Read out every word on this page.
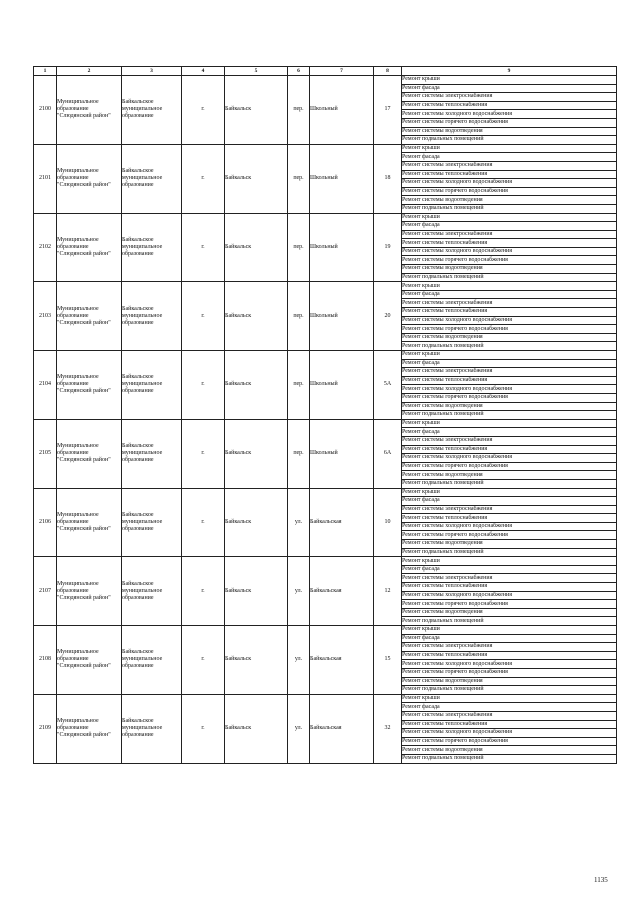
1	2	3	4	5	6	7	8	9
2100	Муниципальное образование "Слюдянский район"	Байкальское муниципальное образование	г.	Байкальск	пер.	Школьный	17	Ремонт крыши
								Ремонт фасада
								Ремонт системы электроснабжения
								Ремонт системы теплоснабжения
								Ремонт системы холодного водоснабжения
								Ремонт системы горячего водоснабжения
								Ремонт системы водоотведения
								Ремонт подвальных помещений
2101	Муниципальное образование "Слюдянский район"	Байкальское муниципальное образование	г.	Байкальск	пер.	Школьный	18	Ремонт крыши
								Ремонт фасада
								Ремонт системы электроснабжения
								Ремонт системы теплоснабжения
								Ремонт системы холодного водоснабжения
								Ремонт системы горячего водоснабжения
								Ремонт системы водоотведения
								Ремонт подвальных помещений
2102	Муниципальное образование "Слюдянский район"	Байкальское муниципальное образование	г.	Байкальск	пер.	Школьный	19	Ремонт крыши
								Ремонт фасада
								Ремонт системы электроснабжения
								Ремонт системы теплоснабжения
								Ремонт системы холодного водоснабжения
								Ремонт системы горячего водоснабжения
								Ремонт системы водоотведения
								Ремонт подвальных помещений
2103	Муниципальное образование "Слюдянский район"	Байкальское муниципальное образование	г.	Байкальск	пер.	Школьный	20	Ремонт крыши
								Ремонт фасада
								Ремонт системы электроснабжения
								Ремонт системы теплоснабжения
								Ремонт системы холодного водоснабжения
								Ремонт системы горячего водоснабжения
								Ремонт системы водоотведения
								Ремонт подвальных помещений
2104	Муниципальное образование "Слюдянский район"	Байкальское муниципальное образование	г.	Байкальск	пер.	Школьный	5А	Ремонт крыши
								Ремонт фасада
								Ремонт системы электроснабжения
								Ремонт системы теплоснабжения
								Ремонт системы холодного водоснабжения
								Ремонт системы горячего водоснабжения
								Ремонт системы водоотведения
								Ремонт подвальных помещений
2105	Муниципальное образование "Слюдянский район"	Байкальское муниципальное образование	г.	Байкальск	пер.	Школьный	6А	Ремонт крыши
								Ремонт фасада
								Ремонт системы электроснабжения
								Ремонт системы теплоснабжения
								Ремонт системы холодного водоснабжения
								Ремонт системы горячего водоснабжения
								Ремонт системы водоотведения
								Ремонт подвальных помещений
2106	Муниципальное образование "Слюдянский район"	Байкальское муниципальное образование	г.	Байкальск	ул.	Байкальская	10	Ремонт крыши
								Ремонт фасада
								Ремонт системы электроснабжения
								Ремонт системы теплоснабжения
								Ремонт системы холодного водоснабжения
								Ремонт системы горячего водоснабжения
								Ремонт системы водоотведения
								Ремонт подвальных помещений
2107	Муниципальное образование "Слюдянский район"	Байкальское муниципальное образование	г.	Байкальск	ул.	Байкальская	12	Ремонт крыши
								Ремонт фасада
								Ремонт системы электроснабжения
								Ремонт системы теплоснабжения
								Ремонт системы холодного водоснабжения
								Ремонт системы горячего водоснабжения
								Ремонт системы водоотведения
								Ремонт подвальных помещений
2108	Муниципальное образование "Слюдянский район"	Байкальское муниципальное образование	г.	Байкальск	ул.	Байкальская	15	Ремонт крыши
								Ремонт фасада
								Ремонт системы электроснабжения
								Ремонт системы теплоснабжения
								Ремонт системы холодного водоснабжения
								Ремонт системы горячего водоснабжения
								Ремонт системы водоотведения
								Ремонт подвальных помещений
2109	Муниципальное образование "Слюдянский район"	Байкальское муниципальное образование	г.	Байкальск	ул.	Байкальская	32	Ремонт крыши
								Ремонт фасада
								Ремонт системы электроснабжения
								Ремонт системы теплоснабжения
								Ремонт системы холодного водоснабжения
								Ремонт системы горячего водоснабжения
								Ремонт системы водоотведения
								Ремонт подвальных помещений
1135
